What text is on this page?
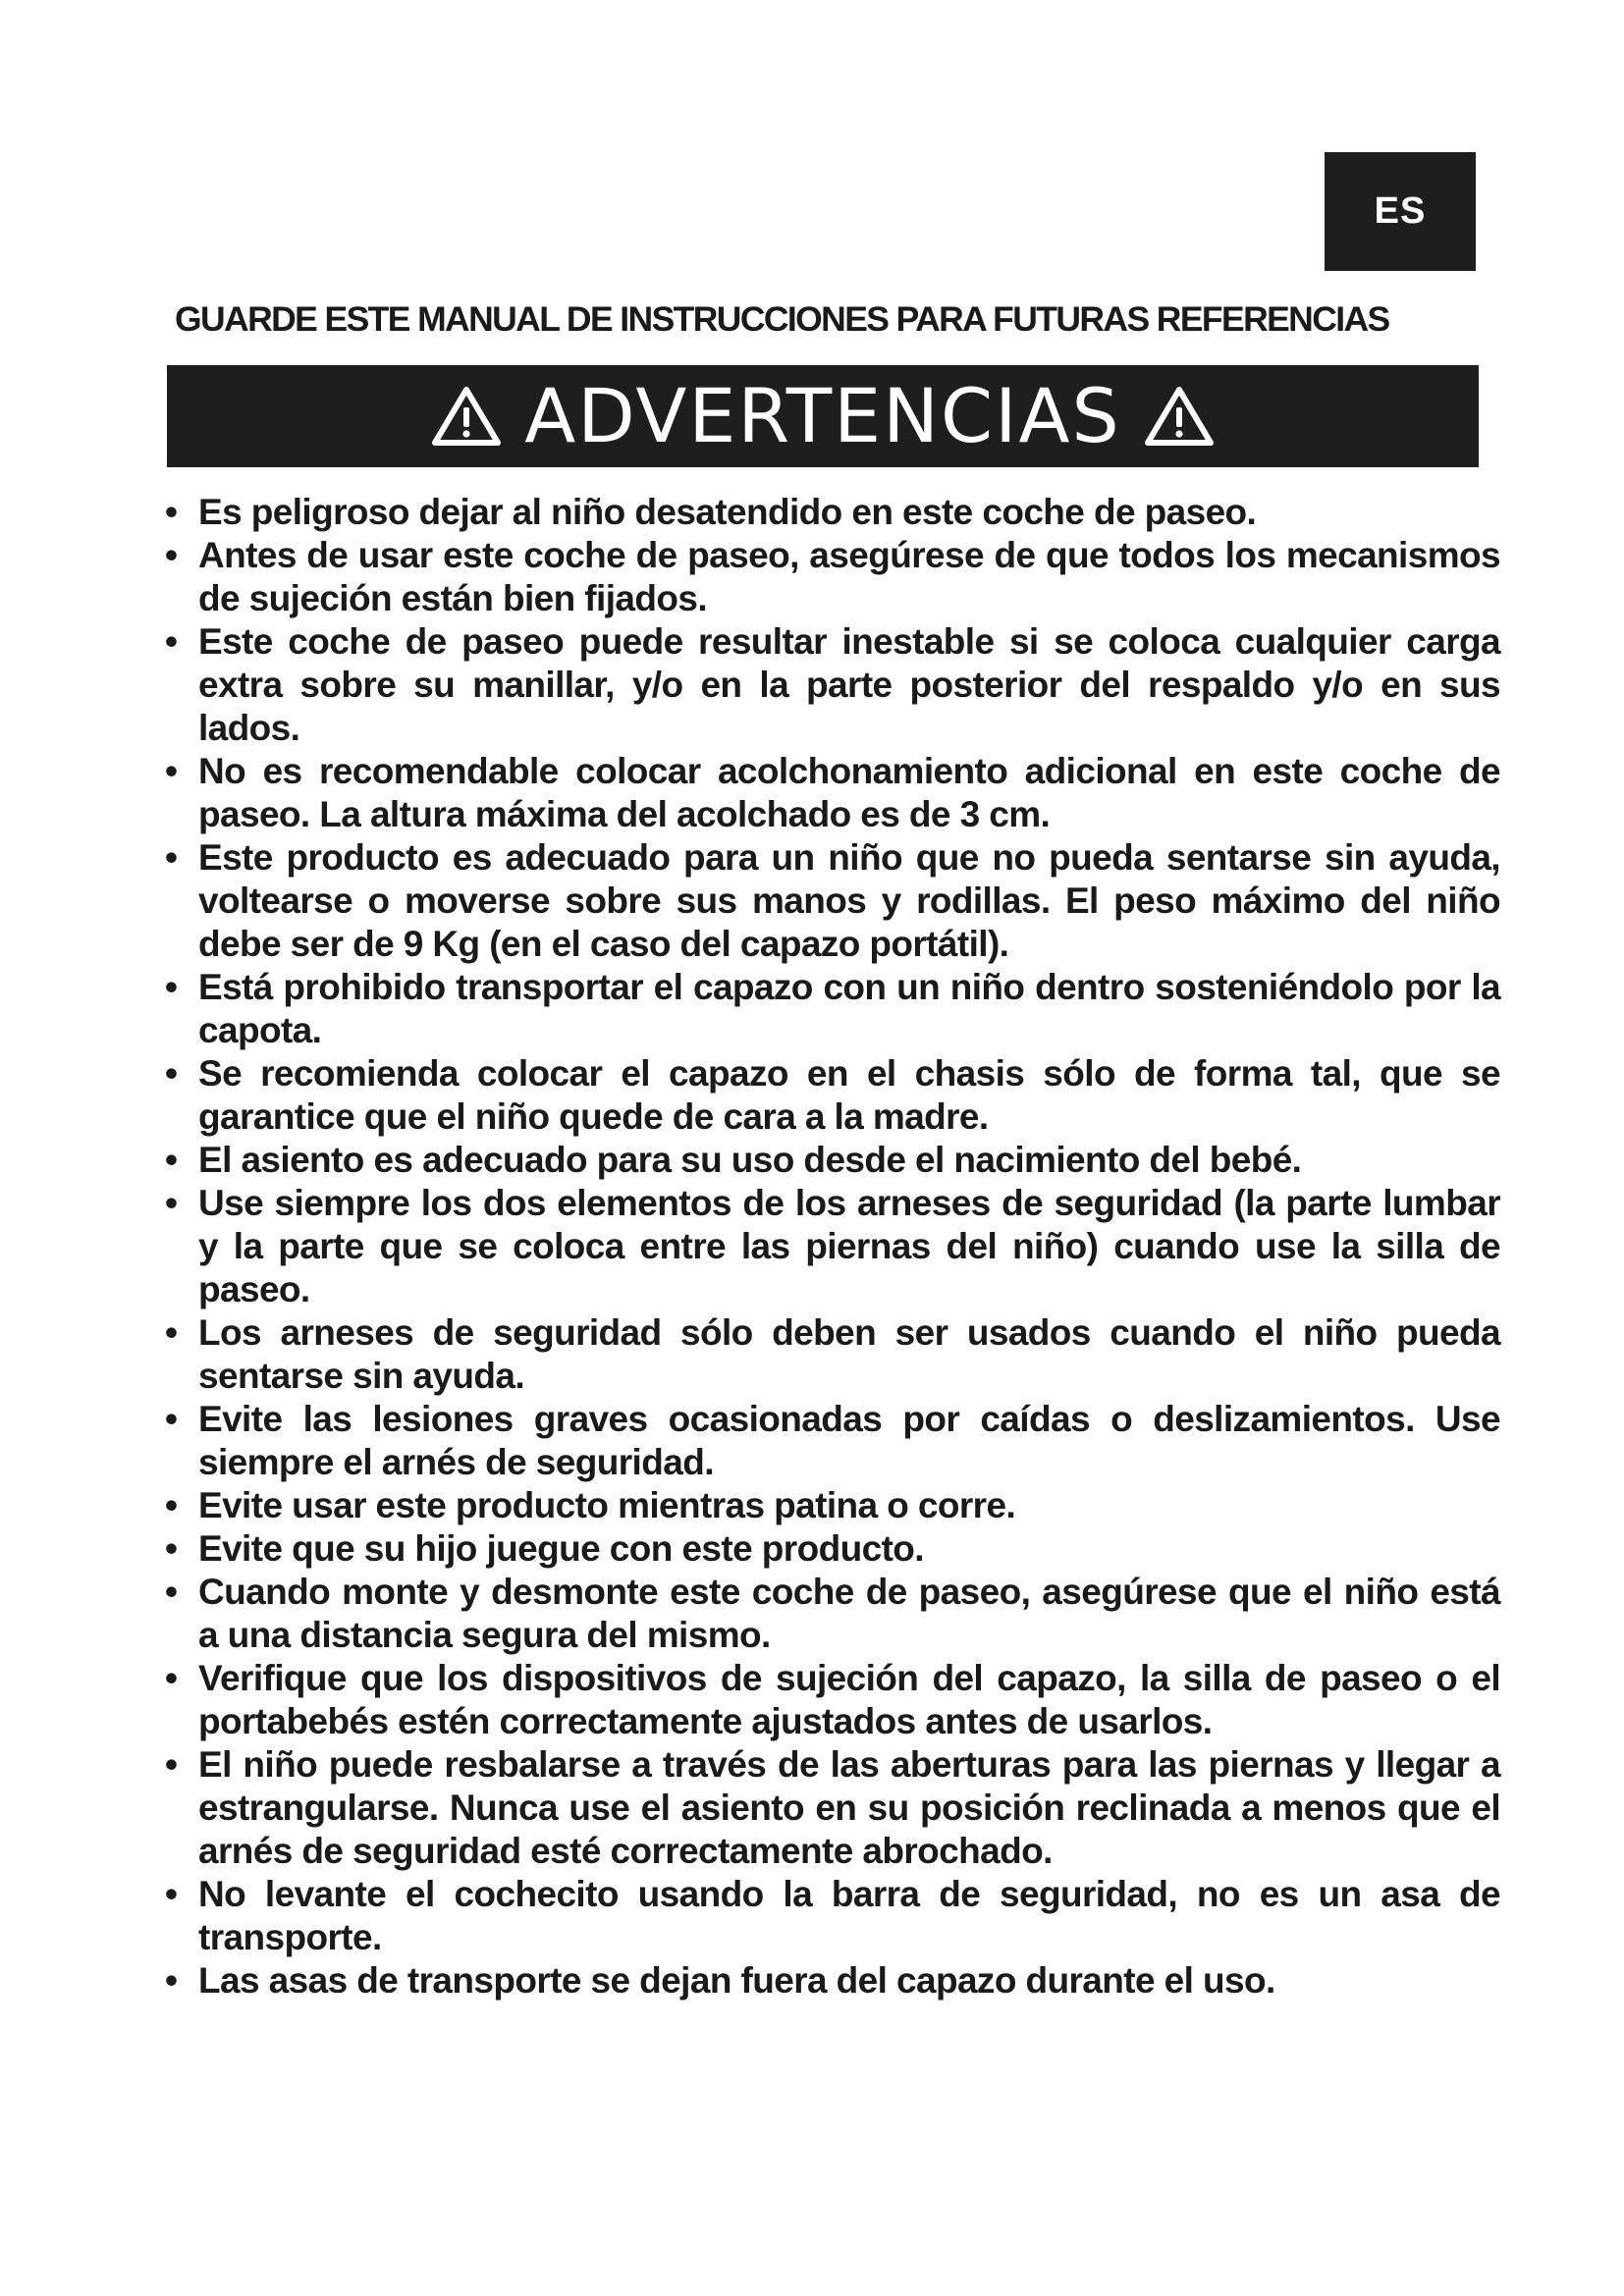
ES
GUARDE ESTE MANUAL DE INSTRUCCIONES PARA FUTURAS REFERENCIAS
ADVERTENCIAS
• Es peligroso dejar al niño desatendido en este coche de paseo.
• Antes de usar este coche de paseo, asegúrese de que todos los mecanismos de sujeción están bien fijados.
• Este coche de paseo puede resultar inestable si se coloca cualquier carga extra sobre su manillar, y/o en la parte posterior del respaldo y/o en sus lados.
• No es recomendable colocar acolchonamiento adicional en este coche de paseo. La altura máxima del acolchado es de 3 cm.
• Este producto es adecuado para un niño que no pueda sentarse sin ayuda, voltearse o moverse sobre sus manos y rodillas. El peso máximo del niño debe ser de 9 Kg (en el caso del capazo portátil).
• Está prohibido transportar el capazo con un niño dentro sosteniéndolo por la capota.
• Se recomienda colocar el capazo en el chasis sólo de forma tal, que se garantice que el niño quede de cara a la madre.
• El asiento es adecuado para su uso desde el nacimiento del bebé.
• Use siempre los dos elementos de los arneses de seguridad (la parte lumbar y la parte que se coloca entre las piernas del niño) cuando use la silla de paseo.
• Los arneses de seguridad sólo deben ser usados cuando el niño pueda sentarse sin ayuda.
• Evite las lesiones graves ocasionadas por caídas o deslizamientos. Use siempre el arnés de seguridad.
• Evite usar este producto mientras patina o corre.
• Evite que su hijo juegue con este producto.
• Cuando monte y desmonte este coche de paseo, asegúrese que el niño está a una distancia segura del mismo.
• Verifique que los dispositivos de sujeción del capazo, la silla de paseo o el portabebés estén correctamente ajustados antes de usarlos.
• El niño puede resbalarse a través de las aberturas para las piernas y llegar a estrangularse. Nunca use el asiento en su posición reclinada a menos que el arnés de seguridad esté correctamente abrochado.
• No levante el cochecito usando la barra de seguridad, no es un asa de transporte.
• Las asas de transporte se dejan fuera del capazo durante el uso.
